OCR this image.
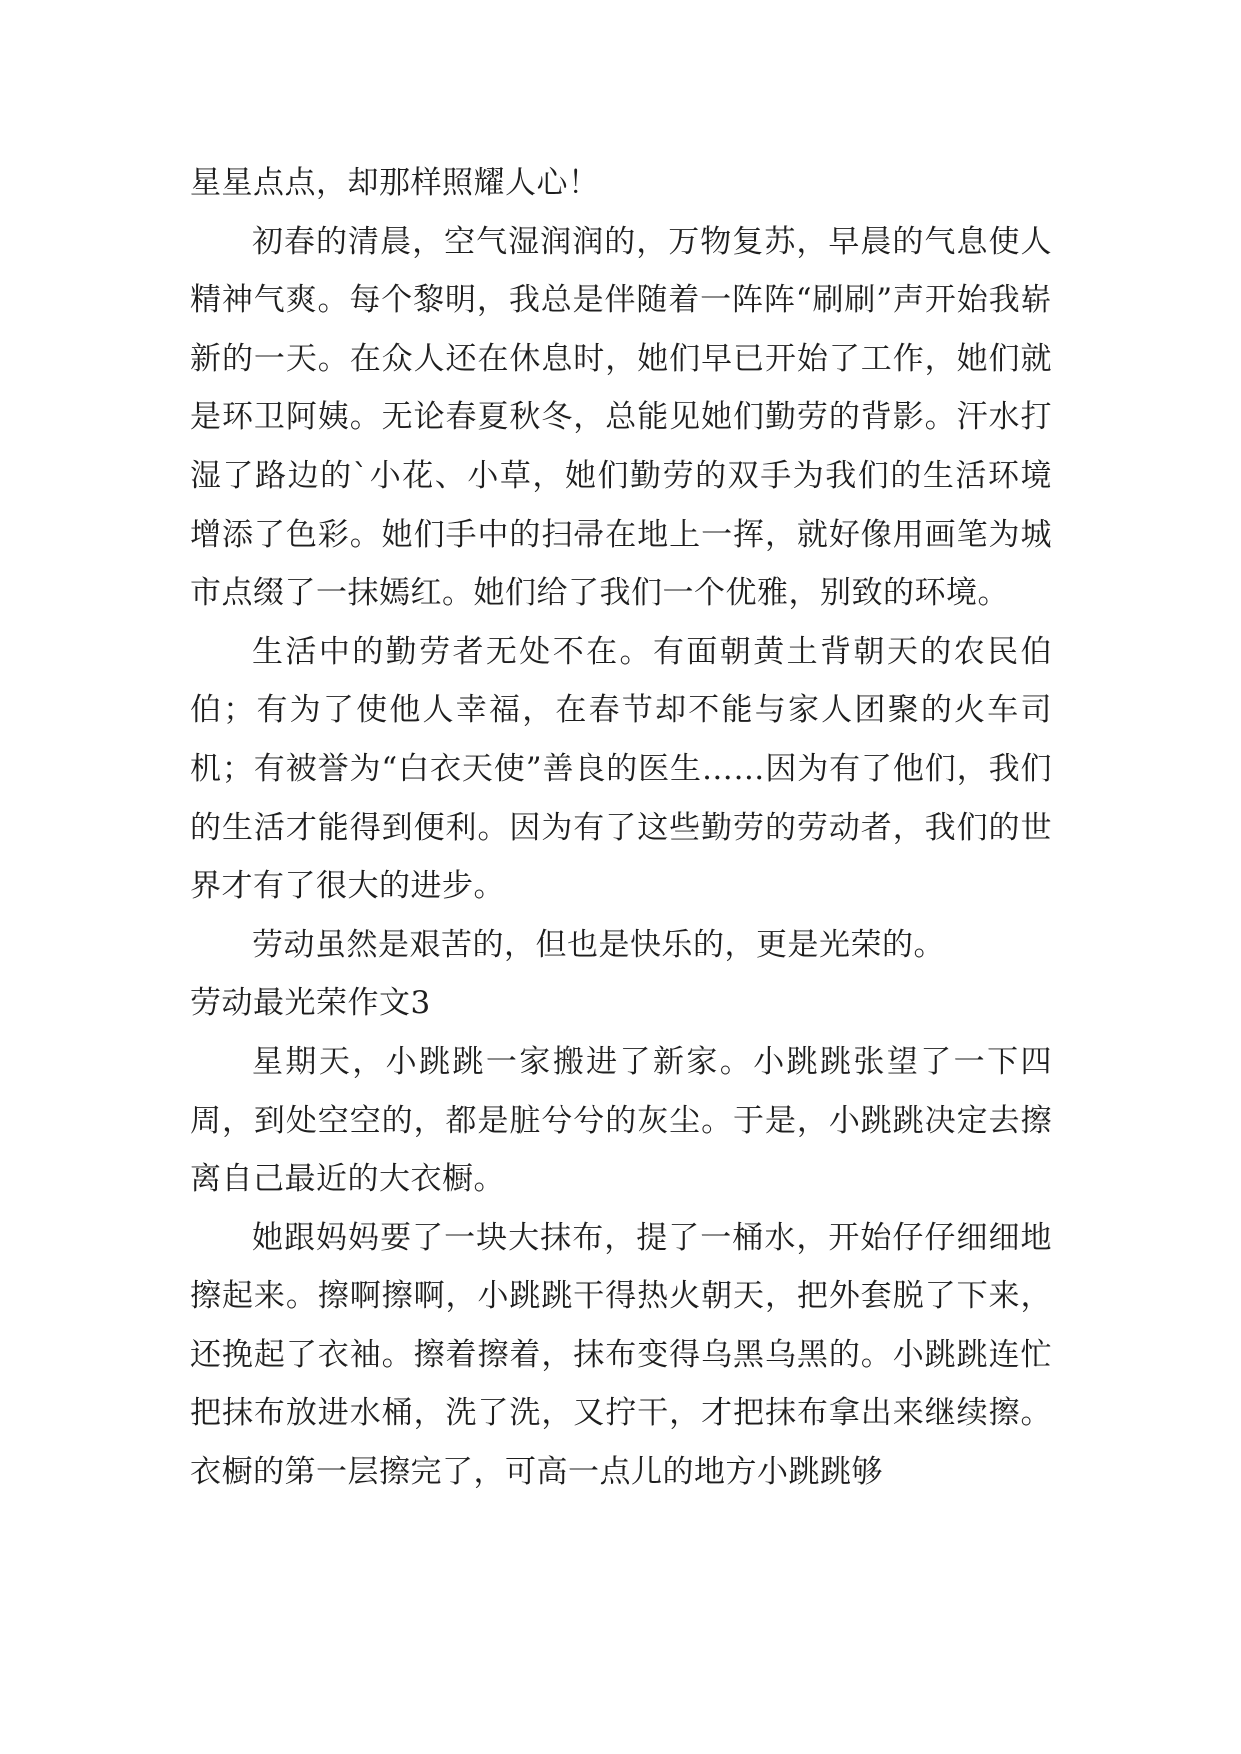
星星点点，却那样照耀人心！

初春的清晨，空气湿润润的，万物复苏，早晨的气息使人精神气爽。每个黎明，我总是伴随着一阵阵“刷刷”声开始我崭新的一天。在众人还在休息时，她们早已开始了工作，她们就是环卫阿姨。无论春夏秋冬，总能见她们勤劳的背影。汗水打湿了路边的`小花、小草，她们勤劳的双手为我们的生活环境增添了色彩。她们手中的扫帚在地上一挥，就好像用画笔为城市点缀了一抹嫣红。她们给了我们一个优雅，别致的环境。

生活中的勤劳者无处不在。有面朝黄土背朝天的农民伯伯；有为了使他人幸福，在春节却不能与家人团聚的火车司机；有被誉为“白衣天使”善良的医生……因为有了他们，我们的生活才能得到便利。因为有了这些勤劳的劳动者，我们的世界才有了很大的进步。

劳动虽然是艰苦的，但也是快乐的，更是光荣的。

劳动最光荣作文3

星期天，小跳跳一家搬进了新家。小跳跳张望了一下四周，到处空空的，都是脏兮兮的灰尘。于是，小跳跳决定去擦离自己最近的大衣橱。

她跟妈妈要了一块大抹布，提了一桶水，开始仔仔细细地擦起来。擦啊擦啊，小跳跳干得热火朝天，把外套脱了下来，还挽起了衣袖。擦着擦着，抹布变得乌黑乌黑的。小跳跳连忙把抹布放进水桶，洗了洗，又拧干，才把抹布拿出来继续擦。衣橱的第一层擦完了，可高一点儿的地方小跳跳够
